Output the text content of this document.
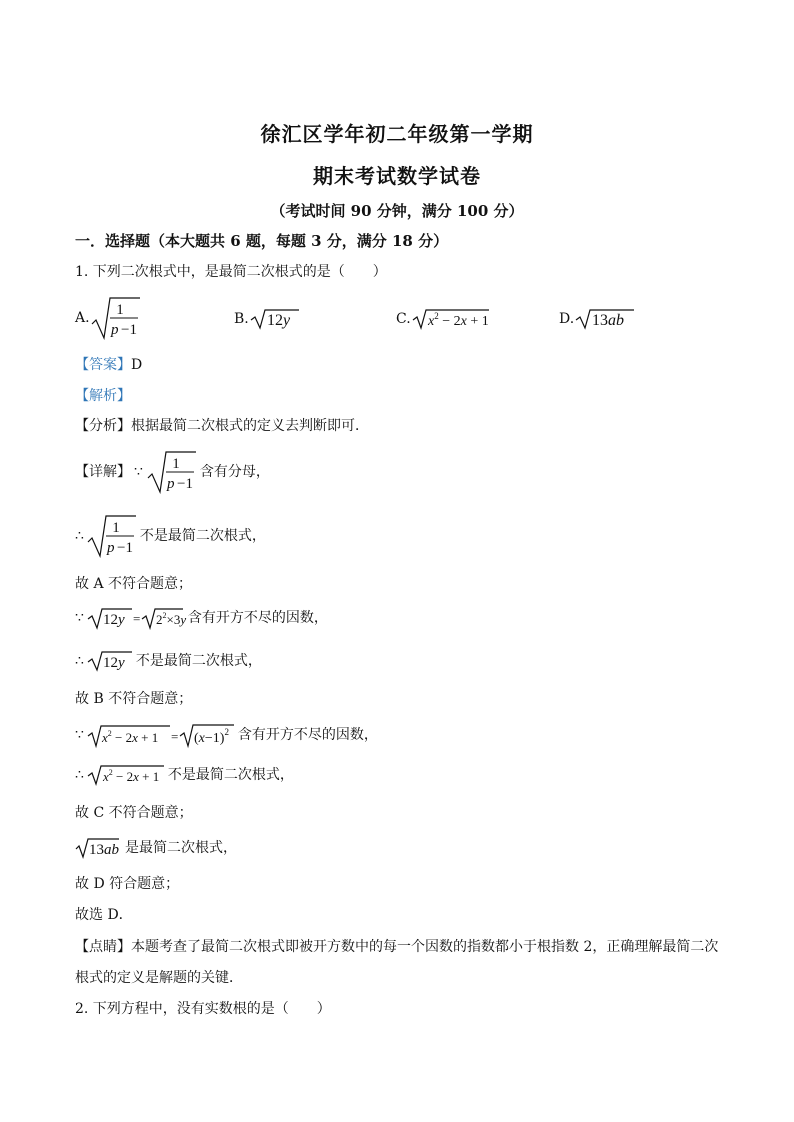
徐汇区学年初二年级第一学期
期末考试数学试卷
（考试时间 90 分钟，满分 100 分）
一．选择题（本大题共 6 题，每题 3 分，满分 18 分）
1. 下列二次根式中，是最简二次根式的是（　　）
A. 1
p −1
B. 12y	C. $x^2 - 2x + 1$	D. 13ab
【答案】D
【解析】
【分析】根据最简二次根式的定义去判断即可．
【详解】 ∵ 1
p −1
含有分母，
∴ 1
p −1
不是最简二次根式，
故 A 不符合题意；
∵ $12y = 2^2\times 3y$ 含有开方不尽的因数，
∴ 12y 不是最简二次根式，
故 B 不符合题意；
∵ $x^2 - 2x + 1 = (x-1)^2$ 含有开方不尽的因数，
∴ $x^2 - 2x + 1$ 不是最简二次根式，
故 C 不符合题意；
13ab 是最简二次根式，
故 D 符合题意；
故选 D．
【点睛】本题考查了最简二次根式即被开方数中的每一个因数的指数都小于根指数 2，正确理解最简二次
根式的定义是解题的关键．
2. 下列方程中，没有实数根的是（　　）
